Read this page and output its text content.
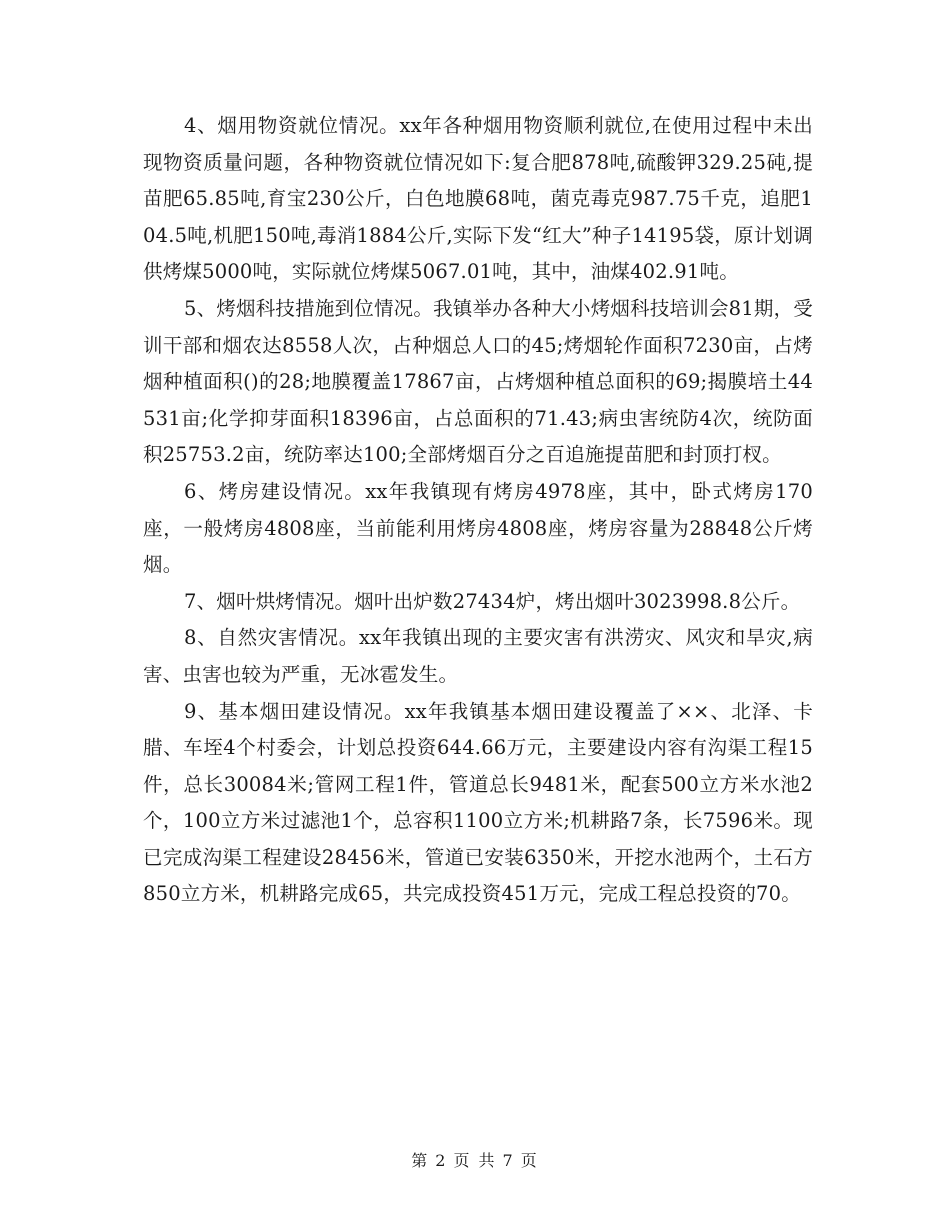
4、烟用物资就位情况。xx年各种烟用物资顺利就位,在使用过程中未出现物资质量问题，各种物资就位情况如下:复合肥878吨,硫酸钾329.25砘,提苗肥65.85吨,育宝230公斤，白色地膜68吨，菌克毒克987.75千克，追肥104.5吨,机肥150吨,毒消1884公斤,实际下发“红大”种子14195袋，原计划调供烤煤5000吨，实际就位烤煤5067.01吨，其中，油煤402.91吨。

5、烤烟科技措施到位情况。我镇举办各种大小烤烟科技培训会81期，受训干部和烟农达8558人次，占种烟总人口的45;烤烟轮作面积7230亩，占烤烟种植面积()的28;地膜覆盖17867亩，占烤烟种植总面积的69;揭膜培土44531亩;化学抑芽面积18396亩，占总面积的71.43;病虫害统防4次，统防面积25753.2亩，统防率达100;全部烤烟百分之百追施提苗肥和封顶打杈。

6、烤房建设情况。xx年我镇现有烤房4978座，其中，卧式烤房170座，一般烤房4808座，当前能利用烤房4808座，烤房容量为28848公斤烤烟。

7、烟叶烘烤情况。烟叶出炉数27434炉，烤出烟叶3023998.8公斤。

8、自然灾害情况。xx年我镇出现的主要灾害有洪涝灾、风灾和旱灾,病害、虫害也较为严重，无冰雹发生。

9、基本烟田建设情况。xx年我镇基本烟田建设覆盖了××、北泽、卡腊、车垤4个村委会，计划总投资644.66万元，主要建设内容有沟渠工程15件，总长30084米;管网工程1件，管道总长9481米，配套500立方米水池2个，100立方米过滤池1个，总容积1100立方米;机耕路7条，长7596米。现已完成沟渠工程建设28456米，管道已安装6350米，开挖水池两个，土石方850立方米，机耕路完成65，共完成投资451万元，完成工程总投资的70。

第 2 页 共 7 页
